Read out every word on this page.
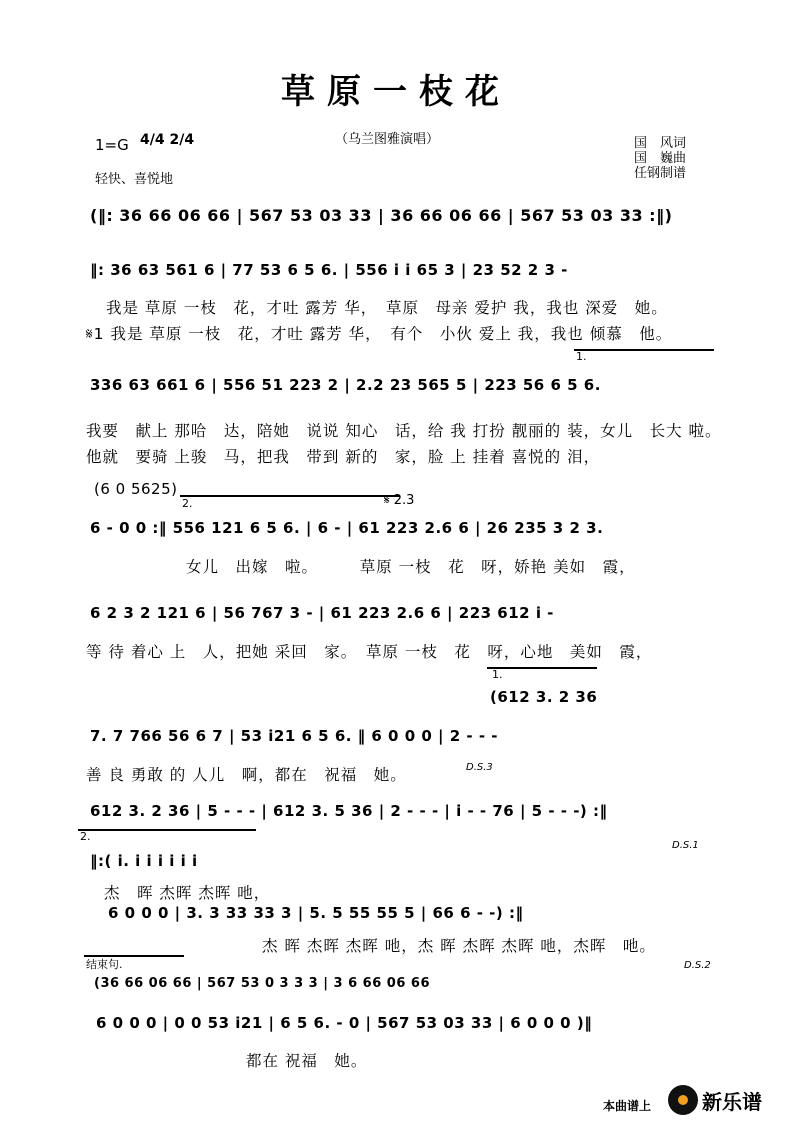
草原一枝花
1=G 4/4 2/4
轻快、喜悦地
（乌兰图雅演唱）	国　风词
国　巍曲
任钢制谱
(‖: 36 66 06 66 | 567 53 03 33 | 36 66 06 66 | 567 53 03 33 :‖)
‖: 36 63 561 6 | 77 53 6 5 6. | 556 i i 65 3 | 23 52 2 3 -
我是 草原 一枝　花，才吐 露芳 华，　草原　母亲 爱护 我，我也 深爱　她。
𝄋1 我是 草原 一枝　花，才吐 露芳 华，　有个　小伙 爱上 我，我也 倾慕　他。
1.
336 63 661 6 | 556 51 223 2 | 2.2 23 565 5 | 223 56 6 5 6.
我要　献上 那哈　达，陪她　说说 知心　话，给 我 打扮 靓丽的 装，女儿　长大 啦。
他就　要骑 上骏　马，把我　带到 新的　家，脸 上 挂着 喜悦的 泪，
(6 0 5625)
2.	𝄋 2.3
6 - 0 0 :‖ 556 121 6 5 6. | 6 - | 61 223 2.6 6 | 26 235 3 2 3.
女儿　出嫁　啦。　　　草原 一枝　花　呀，娇艳 美如　霞，
6 2 3 2 121 6 | 56 767 3 - | 61 223 2.6 6 | 223 612 i -
等 待 着心 上　人，把她 采回　家。　草原 一枝　花　呀，心地　美如　霞，
1.
(612 3. 2 36
7. 7 766 56 6 7 | 53 i21 6 5 6. ‖ 6 0 0 0 | 2 - - -
善 良 勇敢 的 人儿　啊，都在　祝福　她。	D.S.3
612 3. 2 36 | 5 - - - | 612 3. 5 36 | 2 - - - | i - - 76 | 5 - - -) :‖
2.
D.S.1
‖:( i. i i i i i i
杰　晖 杰晖 杰晖 吔，
6 0 0 0 | 3. 3 33 33 3 | 5. 5 55 55 5 | 66 6 - -) :‖
杰 晖 杰晖 杰晖 吔，杰 晖 杰晖 杰晖 吔，杰晖　吔。
D.S.2
结束句.
(36 66 06 66 | 567 53 0 3 3 3 | 3 6 66 06 66
6 0 0 0 | 0 0 53 i21 | 6 5 6. - 0 | 567 53 03 33 | 6 0 0 0 )‖
都在 祝福　她。
本曲谱上	新乐谱
